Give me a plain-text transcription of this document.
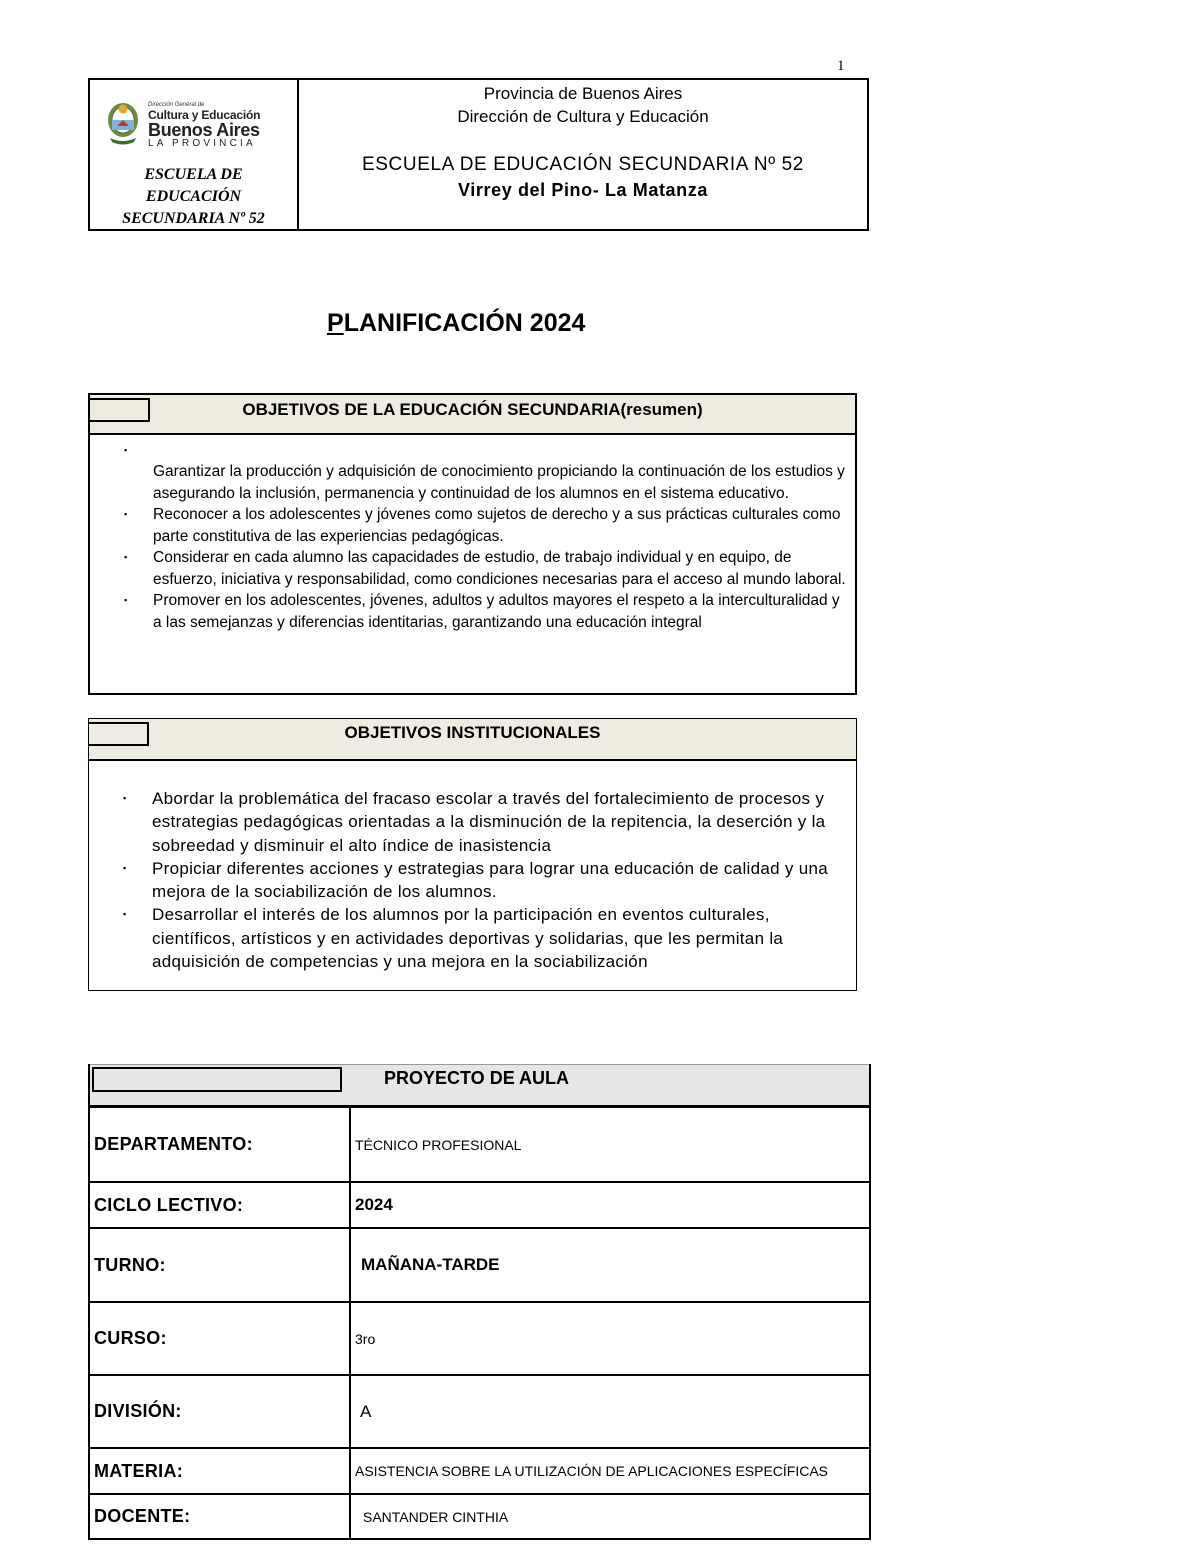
1
Dirección General de
Cultura y Educación
Buenos Aires
LA PROVINCIA
ESCUELA DE
EDUCACIÓN
SECUNDARIA Nº 52
Provincia de Buenos Aires
Dirección de Cultura y Educación
ESCUELA DE EDUCACIÓN SECUNDARIA Nº 52
Virrey del Pino- La Matanza
PLANIFICACIÓN 2024
OBJETIVOS DE LA EDUCACIÓN SECUNDARIA(resumen)
▪ Garantizar la producción y adquisición de conocimiento propiciando la continuación de los estudios y asegurando la inclusión, permanencia y continuidad de los alumnos en el sistema educativo.
▪ Reconocer a los adolescentes y jóvenes como sujetos de derecho y a sus prácticas culturales como parte constitutiva de las experiencias pedagógicas.
▪ Considerar en cada alumno las capacidades de estudio, de trabajo individual y en equipo, de esfuerzo, iniciativa y responsabilidad, como condiciones necesarias para el acceso al mundo laboral.
▪ Promover en los adolescentes, jóvenes, adultos y adultos mayores el respeto a la interculturalidad y a las semejanzas y diferencias identitarias, garantizando una educación integral
OBJETIVOS INSTITUCIONALES
▪ Abordar la problemática del fracaso escolar a través del fortalecimiento de procesos y estrategias pedagógicas orientadas a la disminución de la repitencia, la deserción y la sobreedad y disminuir el alto índice de inasistencia
▪ Propiciar diferentes acciones y estrategias para lograr una educación de calidad y una mejora de la sociabilización de los alumnos.
▪ Desarrollar el interés de los alumnos por la participación en eventos culturales, científicos, artísticos y en actividades deportivas y solidarias, que les permitan la adquisición de competencias y una mejora en la sociabilización
PROYECTO DE AULA
DEPARTAMENTO:	TÉCNICO PROFESIONAL
CICLO LECTIVO:	2024
TURNO:	MAÑANA-TARDE
CURSO:	3ro
DIVISIÓN:	A
MATERIA:	ASISTENCIA SOBRE LA UTILIZACIÓN DE APLICACIONES ESPECÍFICAS
DOCENTE:	SANTANDER CINTHIA
